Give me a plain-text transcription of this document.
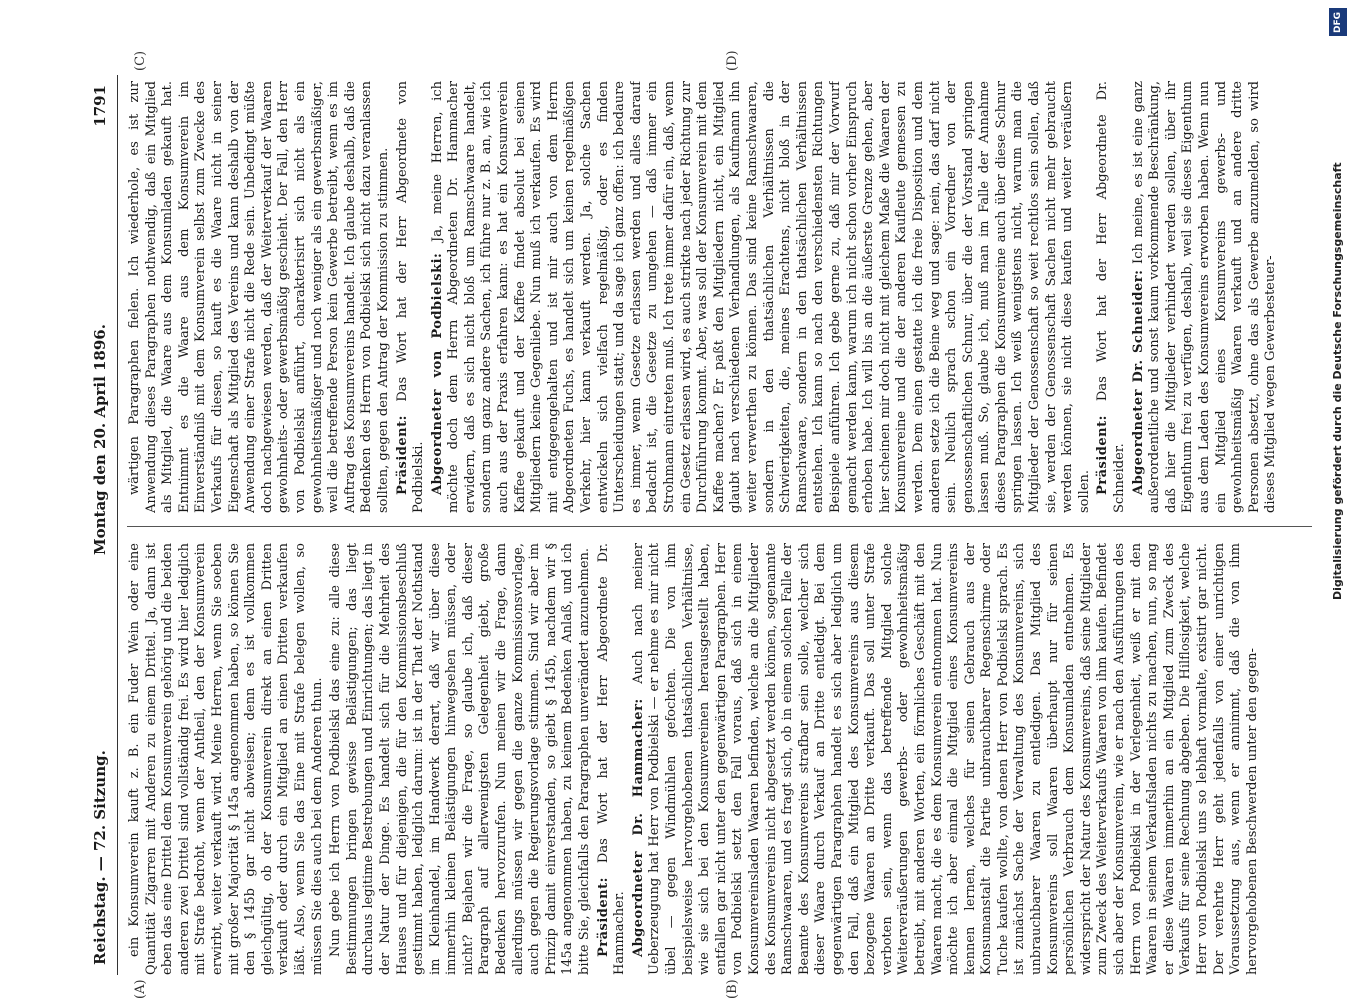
Reichstag. — 72. Sitzung.
Montag den 20. April 1896.
1791
(A)	(B)
(C)	(D)

ein Konsumverein kauft z. B. ein Fuder Wein oder eine Quantität Zigarren mit Anderen zu einem Drittel. Ja, dann ist eben das eine Drittel dem Konsumverein gehörig und die beiden anderen zwei Drittel sind vollständig frei. Es wird hier lediglich mit Strafe bedroht, wenn der Antheil, den der Konsumverein erwirbt, weiter verkauft wird. Meine Herren, wenn Sie soeben mit großer Majorität § 145a angenommen haben, so können Sie den § 145b gar nicht abweisen; denn es ist vollkommen gleichgültig, ob der Konsumverein direkt an einen Dritten verkauft oder durch ein Mitglied an einen Dritten verkaufen läßt. Also, wenn Sie das Eine mit Strafe belegen wollen, so müssen Sie dies auch bei dem Anderen thun. Nun gebe ich Herrn von Podbielski das eine zu: alle diese Bestimmungen bringen gewisse Belästigungen; das liegt durchaus legitime Bestrebungen und Einrichtungen; das liegt in der Natur der Dinge. Es handelt sich für die Mehrheit des Hauses und für diejenigen, die für den Kommissionsbeschluß gestimmt haben, lediglich darum: ist in der That der Nothstand im Kleinhandel, im Handwerk derart, daß wir über diese immerhin kleinen Belästigungen hinwegsehen müssen, oder nicht? Bejahen wir die Frage, so glaube ich, daß dieser Paragraph auf allerwenigsten Gelegenheit giebt, große Bedenken hervorzurufen. Nun meinen wir die Frage, dann allerdings müssen wir gegen die ganze Kommissionsvorlage, auch gegen die Regierungsvorlage stimmen. Sind wir aber im Prinzip damit einverstanden, so giebt § 145b, nachdem wir § 145a angenommen haben, zu keinem Bedenken Anlaß, und ich bitte Sie, gleichfalls den Paragraphen unverändert anzunehmen. Präsident: Das Wort hat der Herr Abgeordnete Dr. Hammacher. Abgeordneter Dr. Hammacher: Auch nach meiner Ueberzeugung hat Herr von Podbielski — er nehme es mir nicht übel — gegen Windmühlen gefochten. Die von ihm beispielsweise hervorgehobenen thatsächlichen Verhältnisse, wie sie sich bei den Konsumvereinen herausgestellt haben, entfallen gar nicht unter den gegenwärtigen Paragraphen. Herr von Podbielski setzt den Fall voraus, daß sich in einem Konsumvereinsladen Waaren befinden, welche an die Mitglieder des Konsumvereins nicht abgesetzt werden können, sogenannte Ramschwaaren, und es fragt sich, ob in einem solchen Falle der Beamte des Konsumvereins strafbar sein solle, welcher sich dieser Waare durch Verkauf an Dritte entledigt. Bei dem gegenwärtigen Paragraphen handelt es sich aber lediglich um den Fall, daß ein Mitglied des Konsumvereins aus diesem bezogene Waaren an Dritte verkauft. Das soll unter Strafe verboten sein, wenn das betreffende Mitglied solche Weiterveräußerungen gewerbs- oder gewohnheitsmäßig betreibt, mit anderen Worten, ein förmliches Geschäft mit den Waaren macht, die es dem Konsumverein entnommen hat. Nun möchte ich aber einmal die Mitglied eines Konsumvereins kennen lernen, welches für seinen Gebrauch aus der Konsumanstalt die Partie unbrauchbarer Regenschirme oder Tuche kaufen wollte, von denen Herr von Podbielski sprach. Es ist zunächst Sache der Verwaltung des Konsumvereins, sich unbrauchbarer Waaren zu entledigen. Das Mitglied des Konsumvereins soll Waaren überhaupt nur für seinen persönlichen Verbrauch dem Konsumladen entnehmen. Es widerspricht der Natur des Konsumvereins, daß seine Mitglieder zum Zweck des Weiterverkaufs Waaren von ihm kaufen. Befindet sich aber der Konsumverein, wie er nach den Ausführungen des Herrn von Podbielski in der Verlegenheit, weiß er mit den Waaren in seinem Verkaufsladen nichts zu machen, nun, so mag er diese Waaren immerhin an ein Mitglied zum Zweck des Verkaufs für seine Rechnung abgeben. Die Hilflosigkeit, welche Herr von Podbielski uns so lebhaft vormalte, existirt gar nicht. Der verehrte Herr geht jedenfalls von einer unrichtigen Voraussetzung aus, wenn er annimmt, daß die von ihm hervorgehobenen Beschwerden unter den gegen-

wärtigen Paragraphen fielen. Ich wiederhole, es ist zur Anwendung dieses Paragraphen nothwendig, daß ein Mitglied als Mitglied, die Waare aus dem Konsumladen gekauft hat. Entnimmt es die Waare aus dem Konsumverein im Einverständniß mit dem Konsumverein selbst zum Zwecke des Verkaufs für diesen, so kauft es die Waare nicht in seiner Eigenschaft als Mitglied des Vereins und kann deshalb von der Anwendung einer Strafe nicht die Rede sein. Unbedingt müßte doch nachgewiesen werden, daß der Weiterverkauf der Waaren gewohnheits- oder gewerbsmäßig geschieht. Der Fall, den Herr von Podbielski anführt, charakterisirt sich nicht als ein gewohnheitsmäßiger und noch weniger als ein gewerbsmäßiger, weil die betreffende Person kein Gewerbe betreibt, wenn es im Auftrag des Konsumvereins handelt. Ich glaube deshalb, daß die Bedenken des Herrn von Podbielski sich nicht dazu veranlassen sollten, gegen den Antrag der Kommission zu stimmen. Präsident: Das Wort hat der Herr Abgeordnete von Podbielski. Abgeordneter von Podbielski: Ja, meine Herren, ich möchte doch dem Herrn Abgeordneten Dr. Hammacher erwidern, daß es sich nicht bloß um Ramschwaare handelt, sondern um ganz andere Sachen, ich führe nur z. B. an, wie ich auch aus der Praxis erfahren kann: es hat ein Konsumverein Kaffee gekauft und der Kaffee findet absolut bei seinen Mitgliedern keine Gegenliebe. Nun muß ich verkaufen. Es wird mit entgegengehalten und ist mir auch von dem Herrn Abgeordneten Fuchs, es handelt sich um keinen regelmäßigen Verkehr, hier kann verkauft werden. Ja, solche Sachen entwickeln sich vielfach regelmäßig, oder es finden Unterscheidungen statt; und da sage ich ganz offen: ich bedaure es immer, wenn Gesetze erlassen werden und alles darauf bedacht ist, die Gesetze zu umgehen — daß immer ein Strohmann eintreten muß. Ich trete immer dafür ein, daß, wenn ein Gesetz erlassen wird, es auch strikte nach jeder Richtung zur Durchführung kommt. Aber, was soll der Konsumverein mit dem Kaffee machen? Er paßt den Mitgliedern nicht, ein Mitglied glaubt nach verschiedenen Verhandlungen, als Kaufmann ihn weiter verwerthen zu können. Das sind keine Ramschwaaren, sondern in den thatsächlichen Verhältnissen die Schwierigkeiten, die, meines Erachtens, nicht bloß in der Ramschwaare, sondern in den thatsächlichen Verhältnissen entstehen. Ich kann so nach den verschiedensten Richtungen Beispiele anführen. Ich gebe gerne zu, daß mir der Vorwurf gemacht werden kann, warum ich nicht schon vorher Einspruch erhoben habe. Ich will bis an die äußerste Grenze gehen, aber hier scheinen mir doch nicht mit gleichem Maße die Waaren der Konsumvereine und die der anderen Kaufleute gemessen zu werden. Dem einen gestatte ich die freie Disposition und dem anderen setze ich die Beine weg und sage: nein, das darf nicht sein. Neulich sprach schon ein Vorredner von der genossenschaftlichen Schnur, über die der Vorstand springen lassen muß. So, glaube ich, muß man im Falle der Annahme dieses Paragraphen die Konsumvereine auch über diese Schnur springen lassen. Ich weiß wenigstens nicht, warum man die Mitglieder der Genossenschaft so weit rechtlos sein sollen, daß sie, werden der Genossenschaft Sachen nicht mehr gebraucht werden können, sie nicht diese kaufen und weiter veräußern sollen. Präsident: Das Wort hat der Herr Abgeordnete Dr. Schneider. Abgeordneter Dr. Schneider: Ich meine, es ist eine ganz außerordentliche und sonst kaum vorkommende Beschränkung, daß hier die Mitglieder verhindert werden sollen, über ihr Eigenthum frei zu verfügen, deshalb, weil sie dieses Eigenthum aus dem Laden des Konsumvereins erworben haben. Wenn nun ein Mitglied eines Konsumvereins gewerbs- und gewohnheitsmäßig Waaren verkauft und an andere dritte Personen absetzt, ohne das als Gewerbe anzumelden, so wird dieses Mitglied wegen Gewerbesteuer-

DFG
Digitalisierung gefördert durch die Deutsche Forschungsgemeinschaft
